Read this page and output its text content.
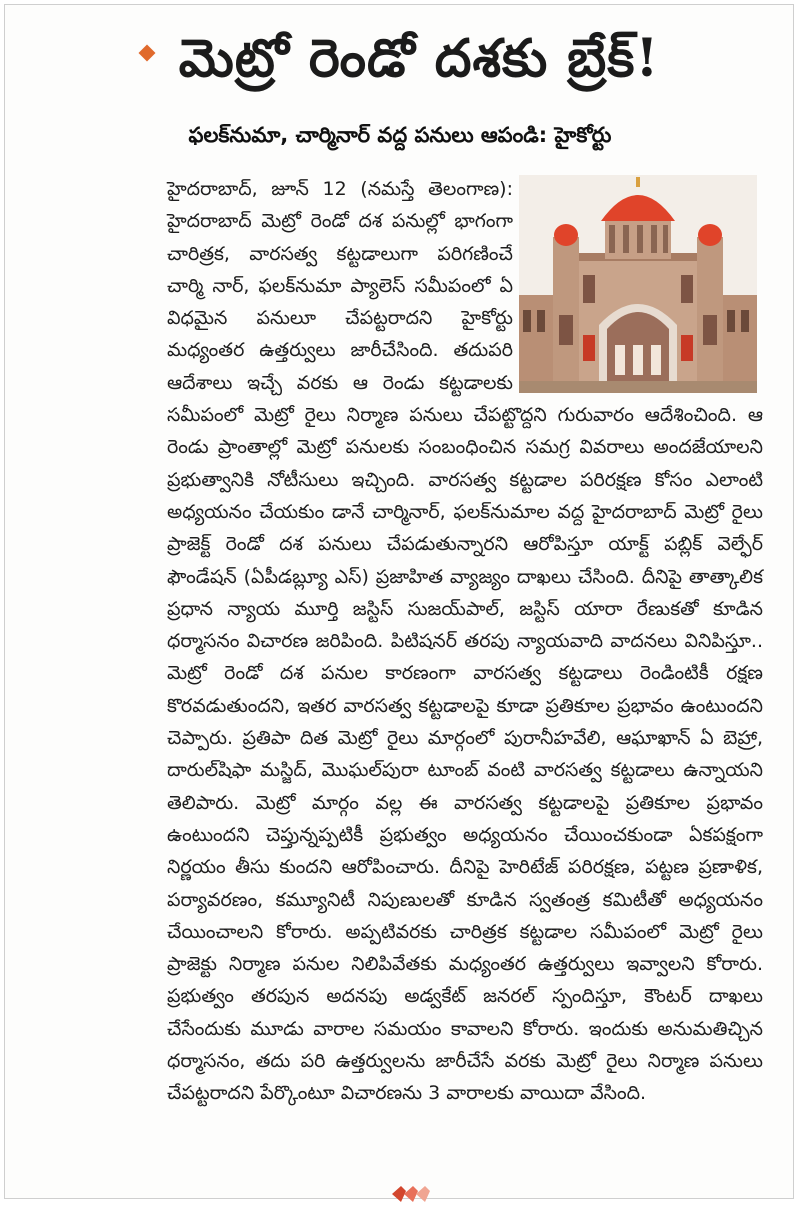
మెట్రో రెండో దశకు బ్రేక్!
ఫలక్‌నుమా, చార్మినార్ వద్ద పనులు ఆపండి: హైకోర్టు
హైదరాబాద్, జూన్ 12 (నమస్తే తెలంగాణ): హైదరాబాద్ మెట్రో రెండో దశ పనుల్లో భాగంగా చారిత్రక, వారసత్వ కట్టడాలుగా పరిగణించే చార్మి నార్, ఫలక్‌నుమా ప్యాలెస్ సమీపంలో ఏ విధమైన పనులూ చేపట్టరాదని హైకోర్టు మధ్యంతర ఉత్తర్వులు జారీచేసింది. తదుపరి ఆదేశాలు ఇచ్చే వరకు ఆ రెండు కట్టడాలకు సమీపంలో మెట్రో రైలు నిర్మాణ పనులు చేపట్టొద్దని గురువారం ఆదేశించింది. ఆ రెండు ప్రాంతాల్లో మెట్రో పనులకు సంబంధించిన సమగ్ర వివరాలు అందజేయాలని ప్రభుత్వానికి నోటీసులు ఇచ్చింది. వారసత్వ కట్టడాల పరిరక్షణ కోసం ఎలాంటి అధ్యయనం చేయకుం డానే చార్మినార్, ఫలక్‌నుమాల వద్ద హైదరాబాద్ మెట్రో రైలు ప్రాజెక్ట్ రెండో దశ పనులు చేపడుతున్నారని ఆరోపిస్తూ యాక్ట్ పబ్లిక్ వెల్ఫేర్ ఫౌండేషన్ (ఏపీడబ్ల్యూ ఎస్) ప్రజాహిత వ్యాజ్యం దాఖలు చేసింది. దీనిపై తాత్కాలిక ప్రధాన న్యాయ మూర్తి జస్టిస్ సుజయ్‌పాల్, జస్టిస్ యారా రేణుకతో కూడిన ధర్మాసనం విచారణ జరిపింది. పిటిషనర్ తరపు న్యాయవాది వాదనలు వినిపిస్తూ.. మెట్రో రెండో దశ పనుల కారణంగా వారసత్వ కట్టడాలు రెండింటికీ రక్షణ కొరవడుతుందని, ఇతర వారసత్వ కట్టడాలపై కూడా ప్రతికూల ప్రభావం ఉంటుందని చెప్పారు. ప్రతిపా దిత మెట్రో రైలు మార్గంలో పురానీహవేలి, ఆఘాఖాన్ ఏ బెహ్రా, దారుల్‌షిఫా మస్జిద్, మొఘల్‌పురా టూంబ్ వంటి వారసత్వ కట్టడాలు ఉన్నాయని తెలిపారు. మెట్రో మార్గం వల్ల ఈ వారసత్వ కట్టడాలపై ప్రతికూల ప్రభావం ఉంటుందని చెప్తున్నప్పటికీ ప్రభుత్వం అధ్యయనం చేయించకుండా ఏకపక్షంగా నిర్ణయం తీసు కుందని ఆరోపించారు. దీనిపై హెరిటేజ్ పరిరక్షణ, పట్టణ ప్రణాళిక, పర్యావరణం, కమ్యూనిటీ నిపుణులతో కూడిన స్వతంత్ర కమిటీతో అధ్యయనం చేయించాలని కోరారు. అప్పటివరకు చారిత్రక కట్టడాల సమీపంలో మెట్రో రైలు ప్రాజెక్టు నిర్మాణ పనుల నిలిపివేతకు మధ్యంతర ఉత్తర్వులు ఇవ్వాలని కోరారు. ప్రభుత్వం తరపున అదనపు అడ్వకేట్ జనరల్ స్పందిస్తూ, కౌంటర్ దాఖలు చేసేందుకు మూడు వారాల సమయం కావాలని కోరారు. ఇందుకు అనుమతిచ్చిన ధర్మాసనం, తదు పరి ఉత్తర్వులను జారీచేసే వరకు మెట్రో రైలు నిర్మాణ పనులు చేపట్టరాదని పేర్కొంటూ విచారణను 3 వారాలకు వాయిదా వేసింది.
